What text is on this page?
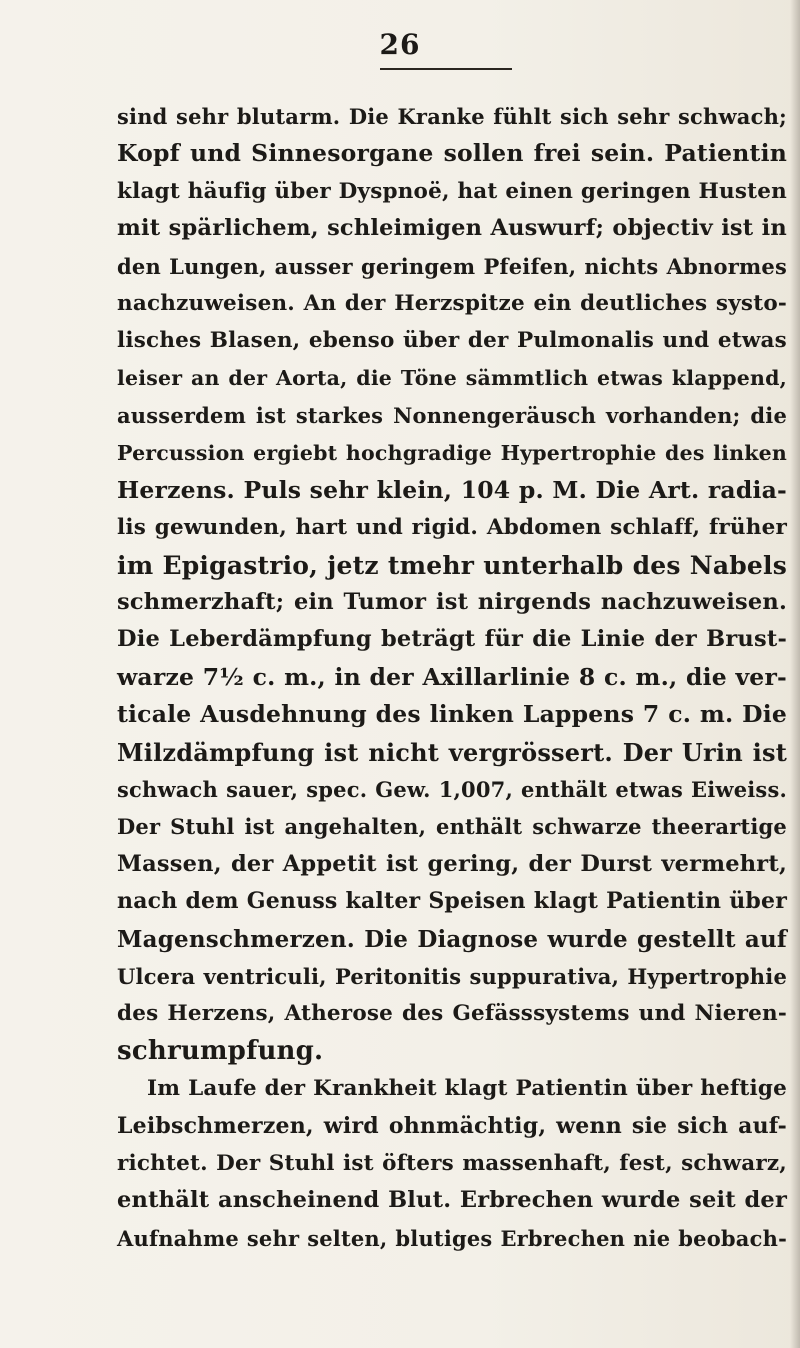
26
sind sehr blutarm. Die Kranke fühlt sich sehr schwach;
Kopf und Sinnesorgane sollen frei sein. Patientin
klagt häufig über Dyspnoë, hat einen geringen Husten
mit spärlichem, schleimigen Auswurf; objectiv ist in
den Lungen, ausser geringem Pfeifen, nichts Abnormes
nachzuweisen. An der Herzspitze ein deutliches systo-
lisches Blasen, ebenso über der Pulmonalis und etwas
leiser an der Aorta, die Töne sämmtlich etwas klappend,
ausserdem ist starkes Nonnengeräusch vorhanden; die
Percussion ergiebt hochgradige Hypertrophie des linken
Herzens. Puls sehr klein, 104 p. M. Die Art. radia-
lis gewunden, hart und rigid. Abdomen schlaff, früher
im Epigastrio, jetz tmehr unterhalb des Nabels
schmerzhaft; ein Tumor ist nirgends nachzuweisen.
Die Leberdämpfung beträgt für die Linie der Brust-
warze 7½ c. m., in der Axillarlinie 8 c. m., die ver-
ticale Ausdehnung des linken Lappens 7 c. m. Die
Milzdämpfung ist nicht vergrössert. Der Urin ist
schwach sauer, spec. Gew. 1,007, enthält etwas Eiweiss.
Der Stuhl ist angehalten, enthält schwarze theerartige
Massen, der Appetit ist gering, der Durst vermehrt,
nach dem Genuss kalter Speisen klagt Patientin über
Magenschmerzen. Die Diagnose wurde gestellt auf
Ulcera ventriculi, Peritonitis suppurativa, Hypertrophie
des Herzens, Atherose des Gefässsystems und Nieren-
schrumpfung.
Im Laufe der Krankheit klagt Patientin über heftige
Leibschmerzen, wird ohnmächtig, wenn sie sich auf-
richtet. Der Stuhl ist öfters massenhaft, fest, schwarz,
enthält anscheinend Blut. Erbrechen wurde seit der
Aufnahme sehr selten, blutiges Erbrechen nie beobach-
